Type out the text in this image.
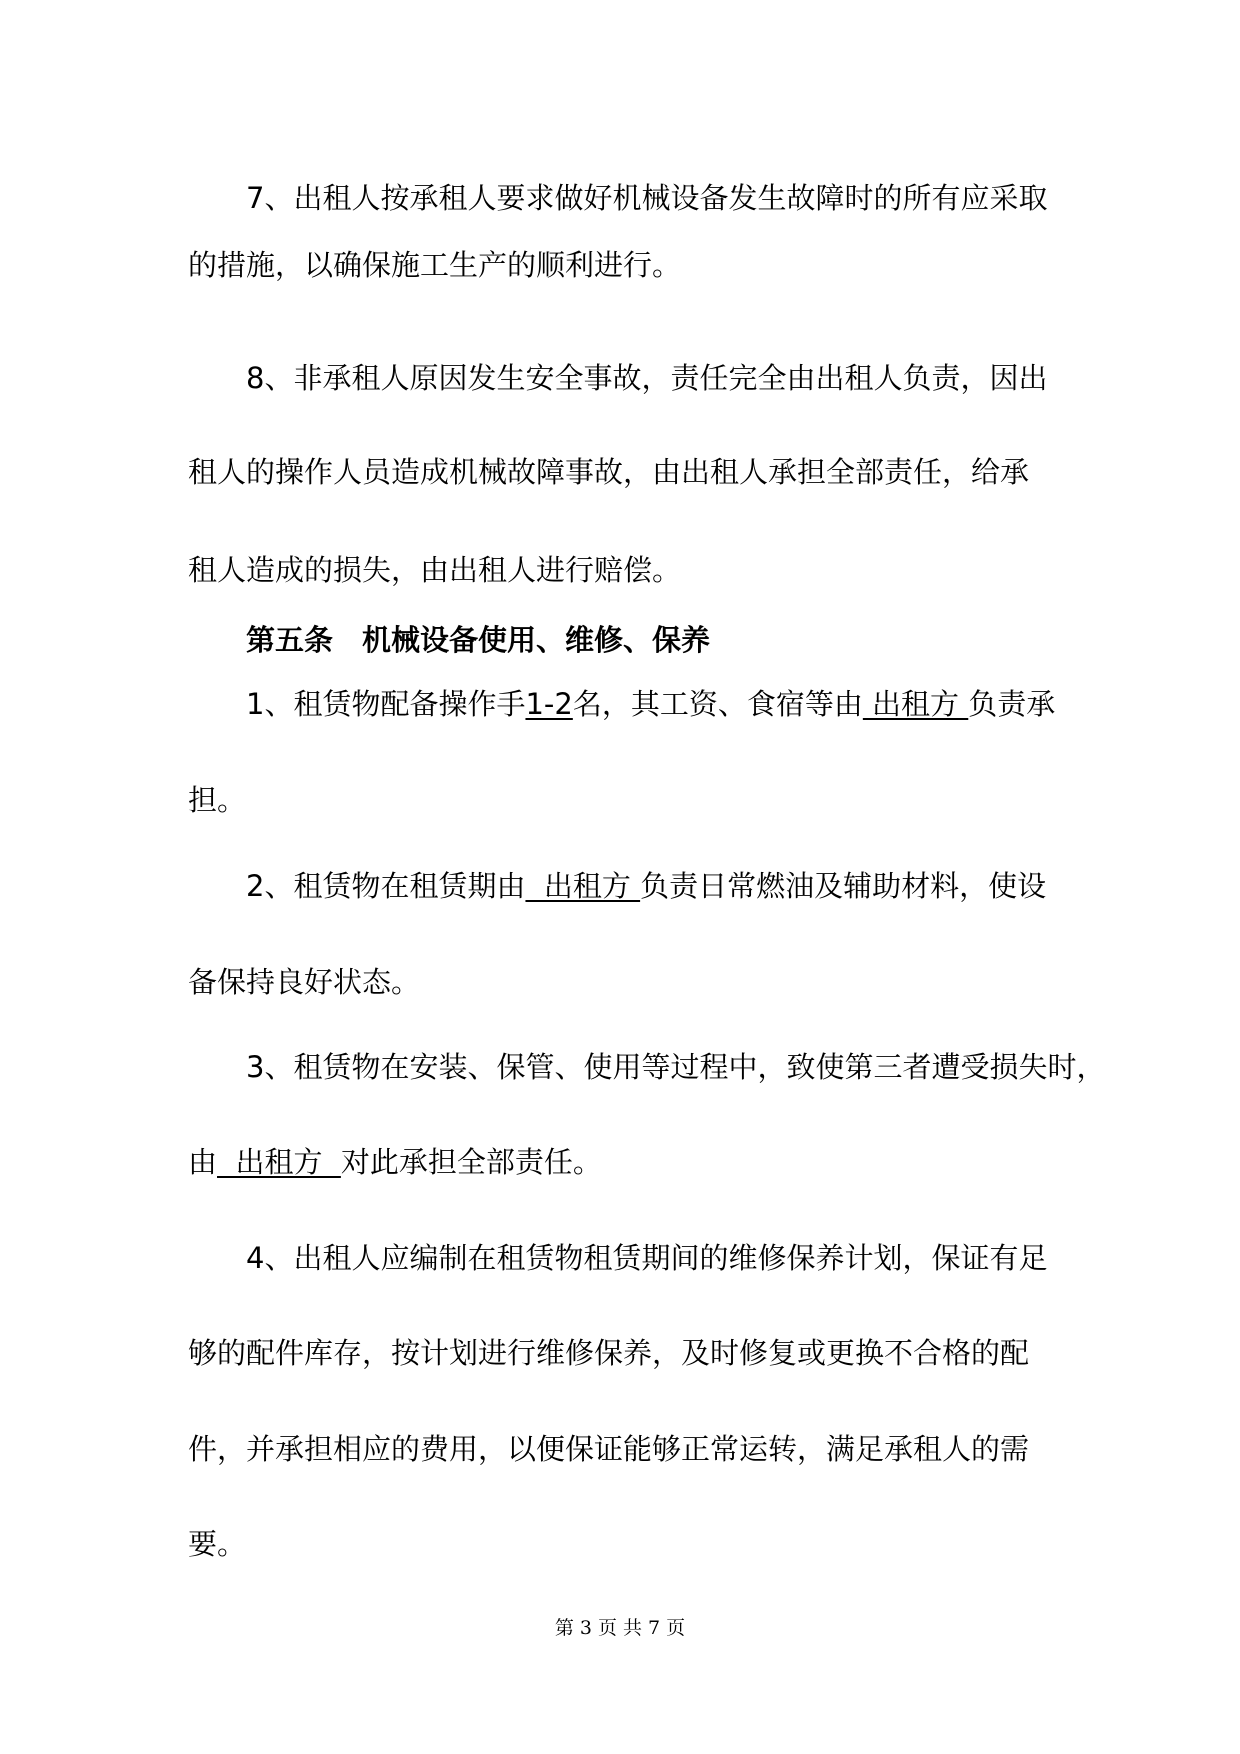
7、出租人按承租人要求做好机械设备发生故障时的所有应采取
的措施，以确保施工生产的顺利进行。
8、非承租人原因发生安全事故，责任完全由出租人负责，因出
租人的操作人员造成机械故障事故，由出租人承担全部责任，给承
租人造成的损失，由出租人进行赔偿。
第五条　机械设备使用、维修、保养
1、租赁物配备操作手1-2名，其工资、食宿等由 出租方 负责承
担。
2、租赁物在租赁期由  出租方 负责日常燃油及辅助材料，使设
备保持良好状态。
3、租赁物在安装、保管、使用等过程中，致使第三者遭受损失时，
由  出租方  对此承担全部责任。
4、出租人应编制在租赁物租赁期间的维修保养计划，保证有足
够的配件库存，按计划进行维修保养，及时修复或更换不合格的配
件，并承担相应的费用，以便保证能够正常运转，满足承租人的需
要。
第 3 页 共 7 页
